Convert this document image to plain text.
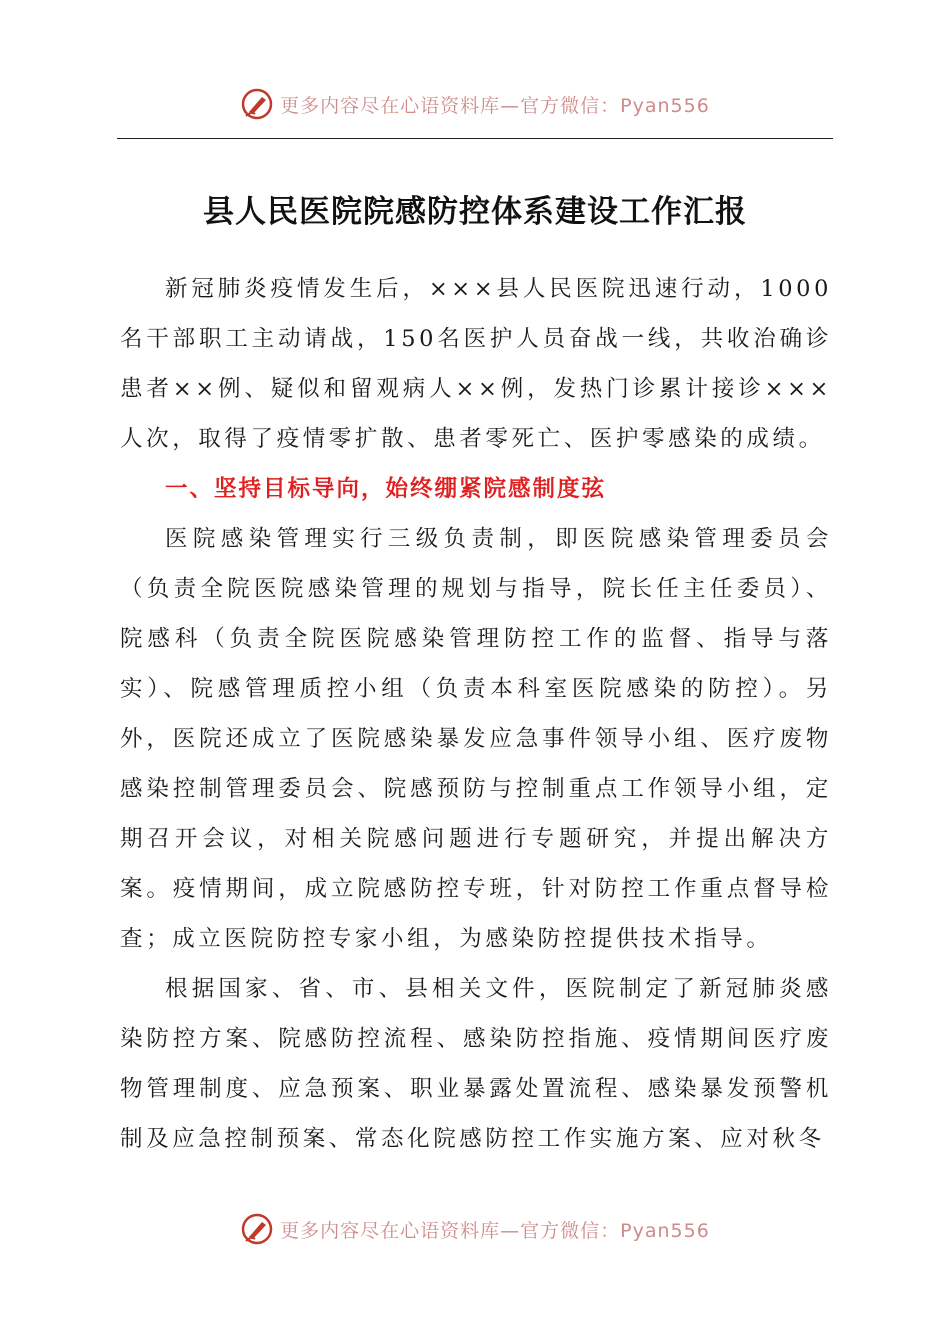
更多内容尽在心语资料库—官方微信：Pyan556
县人民医院院感防控体系建设工作汇报

新冠肺炎疫情发生后，×××县人民医院迅速行动，1000名干部职工主动请战，150名医护人员奋战一线，共收治确诊患者××例、疑似和留观病人××例，发热门诊累计接诊×××人次，取得了疫情零扩散、患者零死亡、医护零感染的成绩。

一、坚持目标导向，始终绷紧院感制度弦

医院感染管理实行三级负责制，即医院感染管理委员会（负责全院医院感染管理的规划与指导，院长任主任委员）、院感科（负责全院医院感染管理防控工作的监督、指导与落实）、院感管理质控小组（负责本科室医院感染的防控）。另外，医院还成立了医院感染暴发应急事件领导小组、医疗废物感染控制管理委员会、院感预防与控制重点工作领导小组，定期召开会议，对相关院感问题进行专题研究，并提出解决方案。疫情期间，成立院感防控专班，针对防控工作重点督导检查；成立医院防控专家小组，为感染防控提供技术指导。

根据国家、省、市、县相关文件，医院制定了新冠肺炎感染防控方案、院感防控流程、感染防控指施、疫情期间医疗废物管理制度、应急预案、职业暴露处置流程、感染暴发预警机制及应急控制预案、常态化院感防控工作实施方案、应对秋冬

更多内容尽在心语资料库—官方微信：Pyan556
